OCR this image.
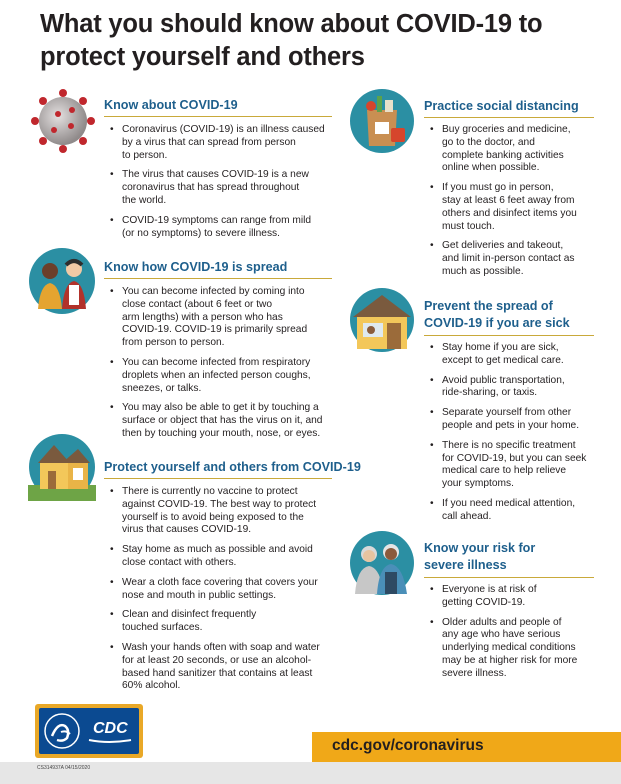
What you should know about COVID-19 to
protect yourself and others
Know about COVID-19
• Coronavirus (COVID-19) is an illness caused
by a virus that can spread from person
to person.
• The virus that causes COVID-19 is a new
coronavirus that has spread throughout
the world.
• COVID-19 symptoms can range from mild
(or no symptoms) to severe illness.
Know how COVID-19 is spread
• You can become infected by coming into
close contact (about 6 feet or two
arm lengths) with a person who has
COVID-19. COVID-19 is primarily spread
from person to person.
• You can become infected from respiratory
droplets when an infected person coughs,
sneezes, or talks.
• You may also be able to get it by touching a
surface or object that has the virus on it, and
then by touching your mouth, nose, or eyes.
Protect yourself and others from COVID-19
• There is currently no vaccine to protect
against COVID-19. The best way to protect
yourself is to avoid being exposed to the
virus that causes COVID-19.
• Stay home as much as possible and avoid
close contact with others.
• Wear a cloth face covering that covers your
nose and mouth in public settings.
• Clean and disinfect frequently
touched surfaces.
• Wash your hands often with soap and water
for at least 20 seconds, or use an alcohol-
based hand sanitizer that contains at least
60% alcohol.
Practice social distancing
• Buy groceries and medicine,
go to the doctor, and
complete banking activities
online when possible.
• If you must go in person,
stay at least 6 feet away from
others and disinfect items you
must touch.
• Get deliveries and takeout,
and limit in-person contact as
much as possible.
Prevent the spread of
COVID-19 if you are sick
• Stay home if you are sick,
except to get medical care.
• Avoid public transportation,
ride-sharing, or taxis.
• Separate yourself from other
people and pets in your home.
• There is no specific treatment
for COVID-19, but you can seek
medical care to help relieve
your symptoms.
• If you need medical attention,
call ahead.
Know your risk for
severe illness
• Everyone is at risk of
getting COVID-19.
• Older adults and people of
any age who have serious
underlying medical conditions
may be at higher risk for more
severe illness.
CDC
CS314937A 04/15/2020
cdc.gov/coronavirus
